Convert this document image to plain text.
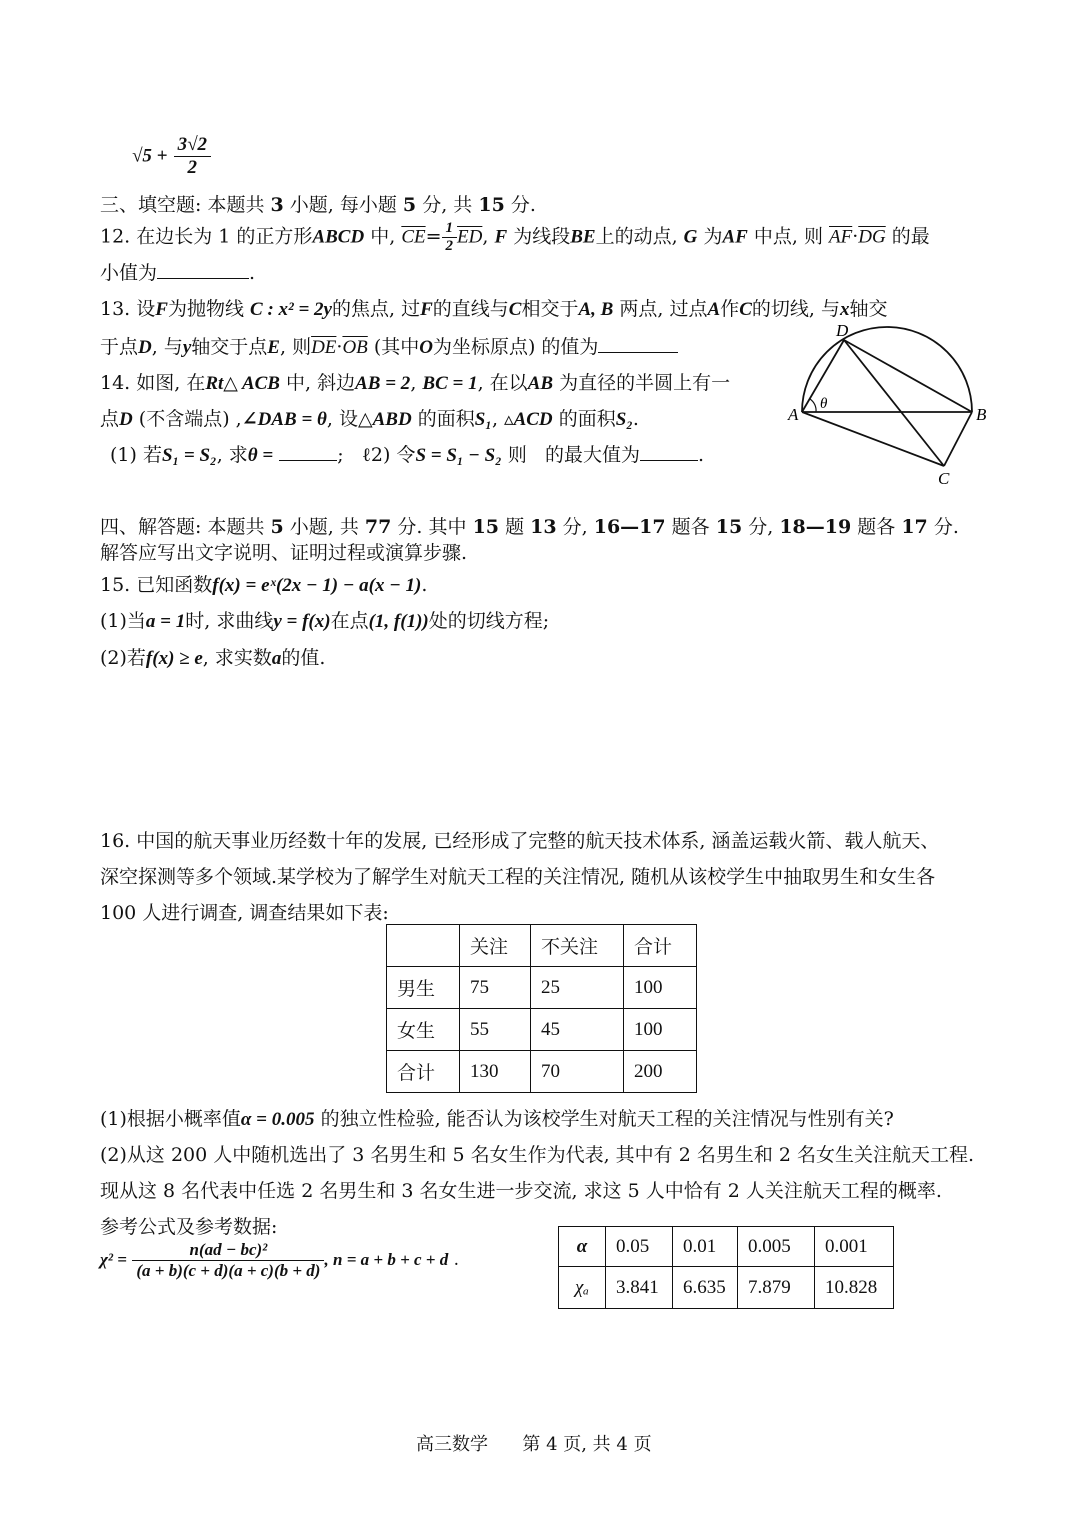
$√5 + \frac{3√2}{2}$
三、填空题: 本题共 3 小题, 每小题 5 分, 共 15 分.
12. 在边长为 1 的正方形ABCD 中, $\overline{CE}= \frac{1}{2} \overline{ED}$, F 为线段BE上的动点, G 为AF 中点, 则 $\overline{AF}\cdot\overline{DG}$ 的最
小值为	.
13. 设F为抛物线 C : x² = 2y的焦点, 过F的直线与C相交于A, B 两点, 过点A作C的切线, 与x轴交
于点D, 与y轴交于点E, 则$\overline{DE}\cdot\overline{OB}$ (其中O为坐标原点) 的值为
14. 如图, 在Rt△ ACB 中, 斜边AB = 2, BC = 1, 在以AB 为直径的半圆上有一
点D (不含端点) ,∠DAB = θ, 设△ABD 的面积S₁, ▵ACD 的面积S₂.
(1) 若S₁ = S₂, 求θ =	; ℓ2) 令S = S₁ − S₂ 则 的最大值为	.
D
A	B
C
θ
四、解答题: 本题共 5 小题, 共 77 分. 其中 15 题 13 分, 16—17 题各 15 分, 18—19 题各 17 分.
解答应写出文字说明、证明过程或演算步骤.
15. 已知函数f(x) = eˣ(2x − 1) − a(x − 1).
(1)当a = 1时, 求曲线y = f(x)在点(1, f(1))处的切线方程;
(2)若f(x) ≥ e, 求实数a的值.
16. 中国的航天事业历经数十年的发展, 已经形成了完整的航天技术体系, 涵盖运载火箭、载人航天、
深空探测等多个领域.某学校为了解学生对航天工程的关注情况, 随机从该校学生中抽取男生和女生各
100 人进行调查, 调查结果如下表:
	关注	不关注	合计
男生	75	25	100
女生	55	45	100
合计	130	70	200
(1)根据小概率值α = 0.005 的独立性检验, 能否认为该校学生对航天工程的关注情况与性别有关?
(2)从这 200 人中随机选出了 3 名男生和 5 名女生作为代表, 其中有 2 名男生和 2 名女生关注航天工程.
现从这 8 名代表中任选 2 名男生和 3 名女生进一步交流, 求这 5 人中恰有 2 人关注航天工程的概率.
参考公式及参考数据:
$\chi^2 = \frac{\text{n(ad − bc)²}}{(a + b)(c + d)(a + c)(b + d)}$ , n = a + b + c + d .
α	0.05	0.01	0.005	0.001
χₐ	3.841	6.635	7.879	10.828
高三数学 第 4 页, 共 4 页
